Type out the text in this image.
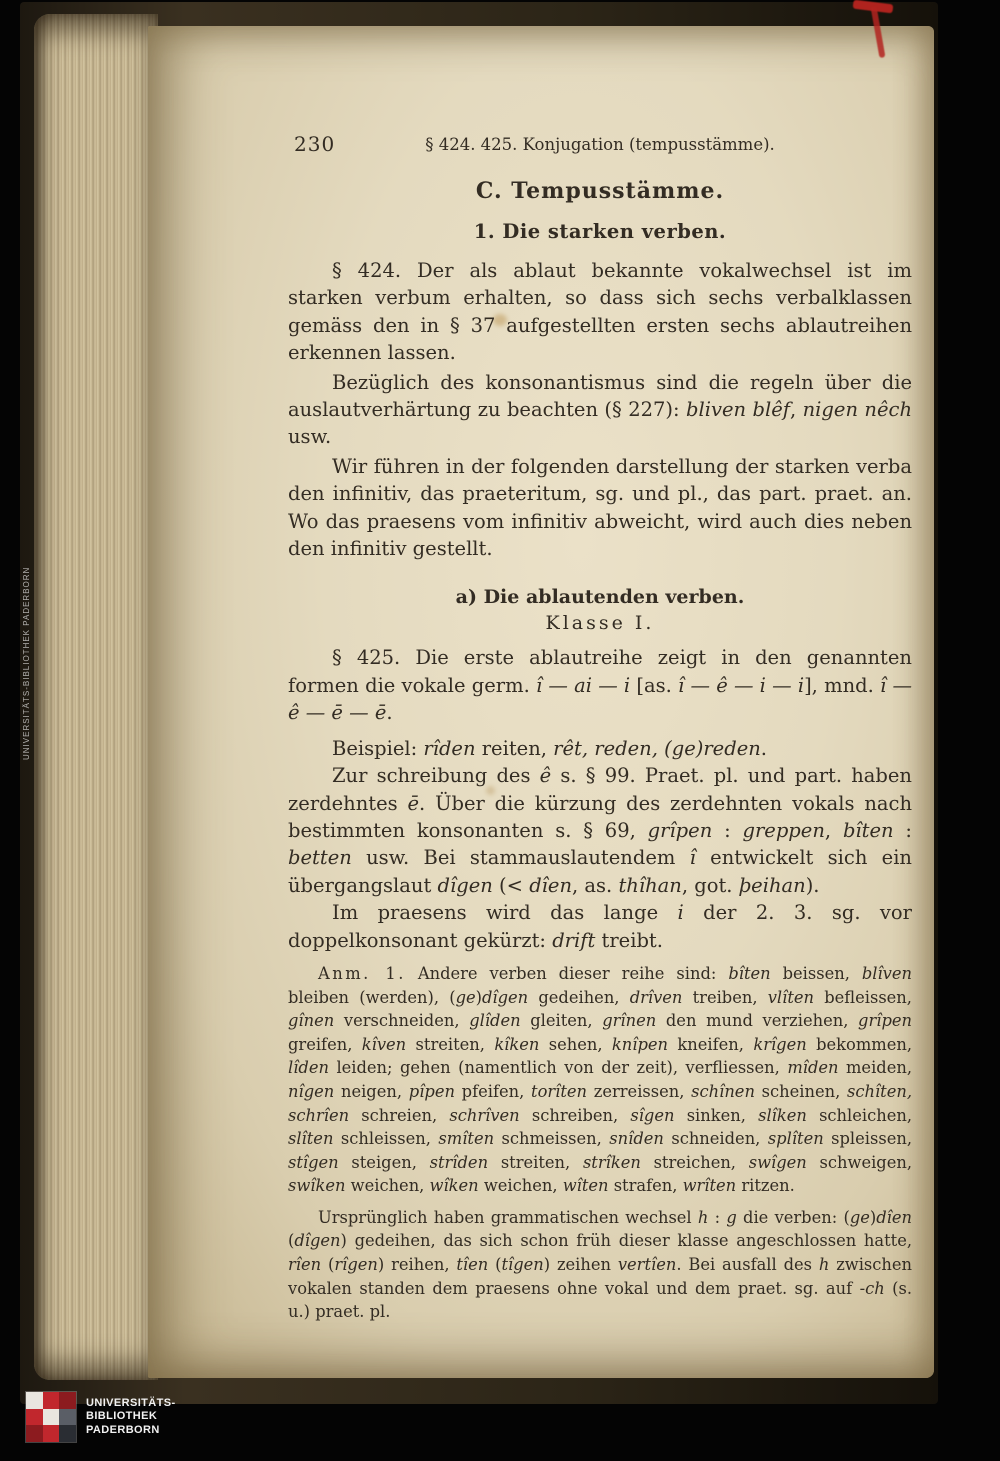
230	§ 424. 425. Konjugation (tempusstämme).
C. Tempusstämme.
1. Die starken verben.

§ 424. Der als ablaut bekannte vokalwechsel ist im starken verbum erhalten, so dass sich sechs verbalklassen gemäss den in § 37 aufgestellten ersten sechs ablautreihen erkennen lassen.

Bezüglich des konsonantismus sind die regeln über die auslautverhärtung zu beachten (§ 227): bliven blêf, nigen nêch usw.

Wir führen in der folgenden darstellung der starken verba den infinitiv, das praeteritum, sg. und pl., das part. praet. an. Wo das praesens vom infinitiv abweicht, wird auch dies neben den infinitiv gestellt.

a) Die ablautenden verben.
Klasse I.

§ 425. Die erste ablautreihe zeigt in den genannten formen die vokale germ. î — ai — i [as. î — ê — i — i], mnd. î — ê — ē — ē.

Beispiel: rîden reiten, rêt, reden, (ge)reden.

Zur schreibung des ê s. § 99. Praet. pl. und part. haben zerdehntes ē. Über die kürzung des zerdehnten vokals nach bestimmten konsonanten s. § 69, grîpen : greppen, bîten : betten usw. Bei stammauslautendem î entwickelt sich ein übergangslaut dîgen (< dîen, as. thîhan, got. þeihan).

Im praesens wird das lange i der 2. 3. sg. vor doppelkonsonant gekürzt: drift treibt.

Anm. 1. Andere verben dieser reihe sind: bîten beissen, blîven bleiben (werden), (ge)dîgen gedeihen, drîven treiben, vlîten befleissen, gînen verschneiden, glîden gleiten, grînen den mund verziehen, grîpen greifen, kîven streiten, kîken sehen, knîpen kneifen, krîgen bekommen, lîden leiden; gehen (namentlich von der zeit), verfliessen, mîden meiden, nîgen neigen, pîpen pfeifen, torîten zerreissen, schînen scheinen, schîten, schrîen schreien, schrîven schreiben, sîgen sinken, slîken schleichen, slîten schleissen, smîten schmeissen, snîden schneiden, splîten spleissen, stîgen steigen, strîden streiten, strîken streichen, swîgen schweigen, swîken weichen, wîken weichen, wîten strafen, wrîten ritzen.

Ursprünglich haben grammatischen wechsel h : g die verben: (ge)dîen (dîgen) gedeihen, das sich schon früh dieser klasse angeschlossen hatte, rîen (rîgen) reihen, tîen (tîgen) zeihen vertîen. Bei ausfall des h zwischen vokalen standen dem praesens ohne vokal und dem praet. sg. auf -ch (s. u.) praet. pl.

UNIVERSITÄTS-BIBLIOTHEK PADERBORN
UNIVERSITÄTS-
BIBLIOTHEK
PADERBORN
